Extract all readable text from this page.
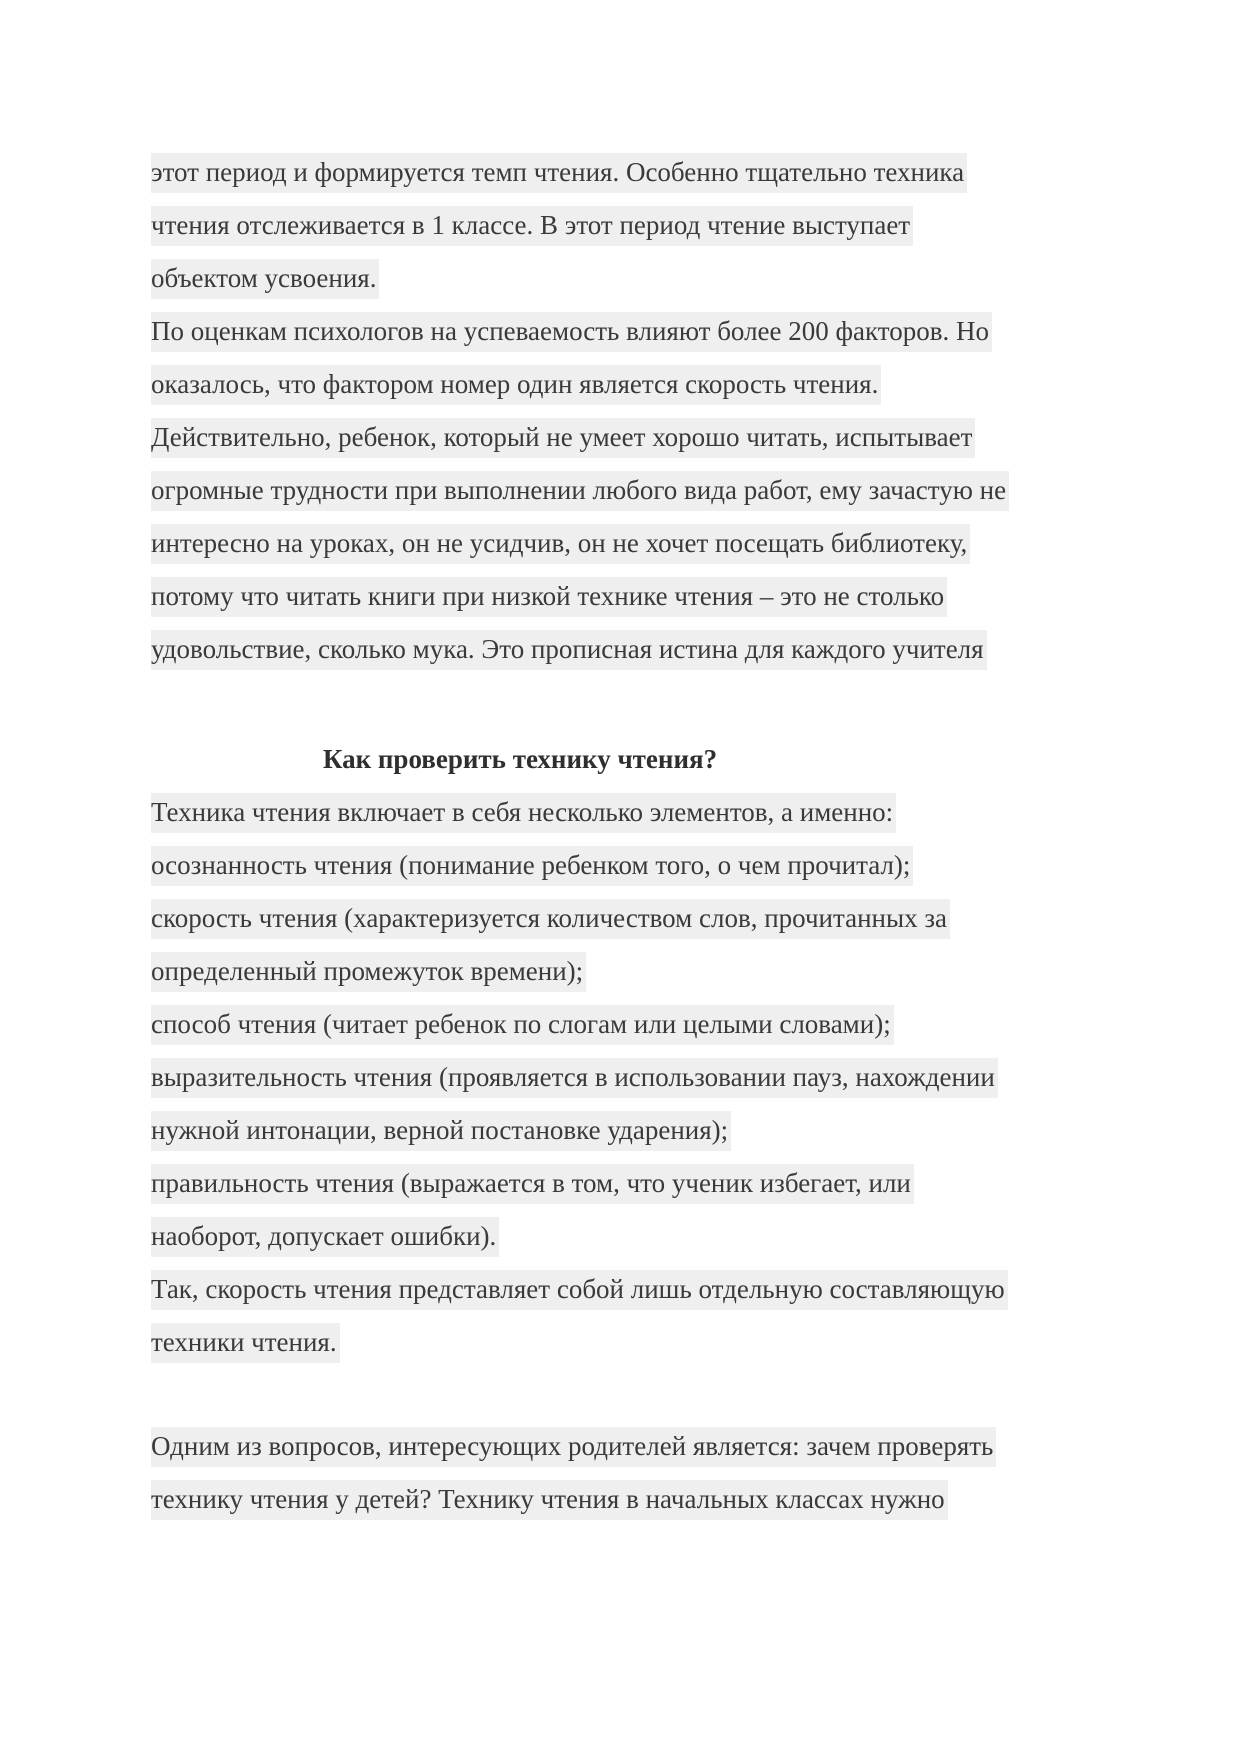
этот период и формируется темп чтения. Особенно тщательно техника
чтения отслеживается в 1 классе. В этот период чтение выступает
объектом усвоения.
По оценкам психологов на успеваемость влияют более 200 факторов. Но
оказалось, что фактором номер один является скорость чтения.
Действительно, ребенок, который не умеет хорошо читать, испытывает
огромные трудности при выполнении любого вида работ, ему зачастую не
интересно на уроках, он не усидчив, он не хочет посещать библиотеку,
потому что читать книги при низкой технике чтения – это не столько
удовольствие, сколько мука. Это прописная истина для каждого учителя
Как проверить технику чтения?
Техника чтения включает в себя несколько элементов, а именно:
осознанность чтения (понимание ребенком того, о чем прочитал);
скорость чтения (характеризуется количеством слов, прочитанных за
определенный промежуток времени);
способ чтения (читает ребенок по слогам или целыми словами);
выразительность чтения (проявляется в использовании пауз, нахождении
нужной интонации, верной постановке ударения);
правильность чтения (выражается в том, что ученик избегает, или
наоборот, допускает ошибки).
Так, скорость чтения представляет собой лишь отдельную составляющую
техники чтения.
Одним из вопросов, интересующих родителей является: зачем проверять
технику чтения у детей? Технику чтения в начальных классах нужно
